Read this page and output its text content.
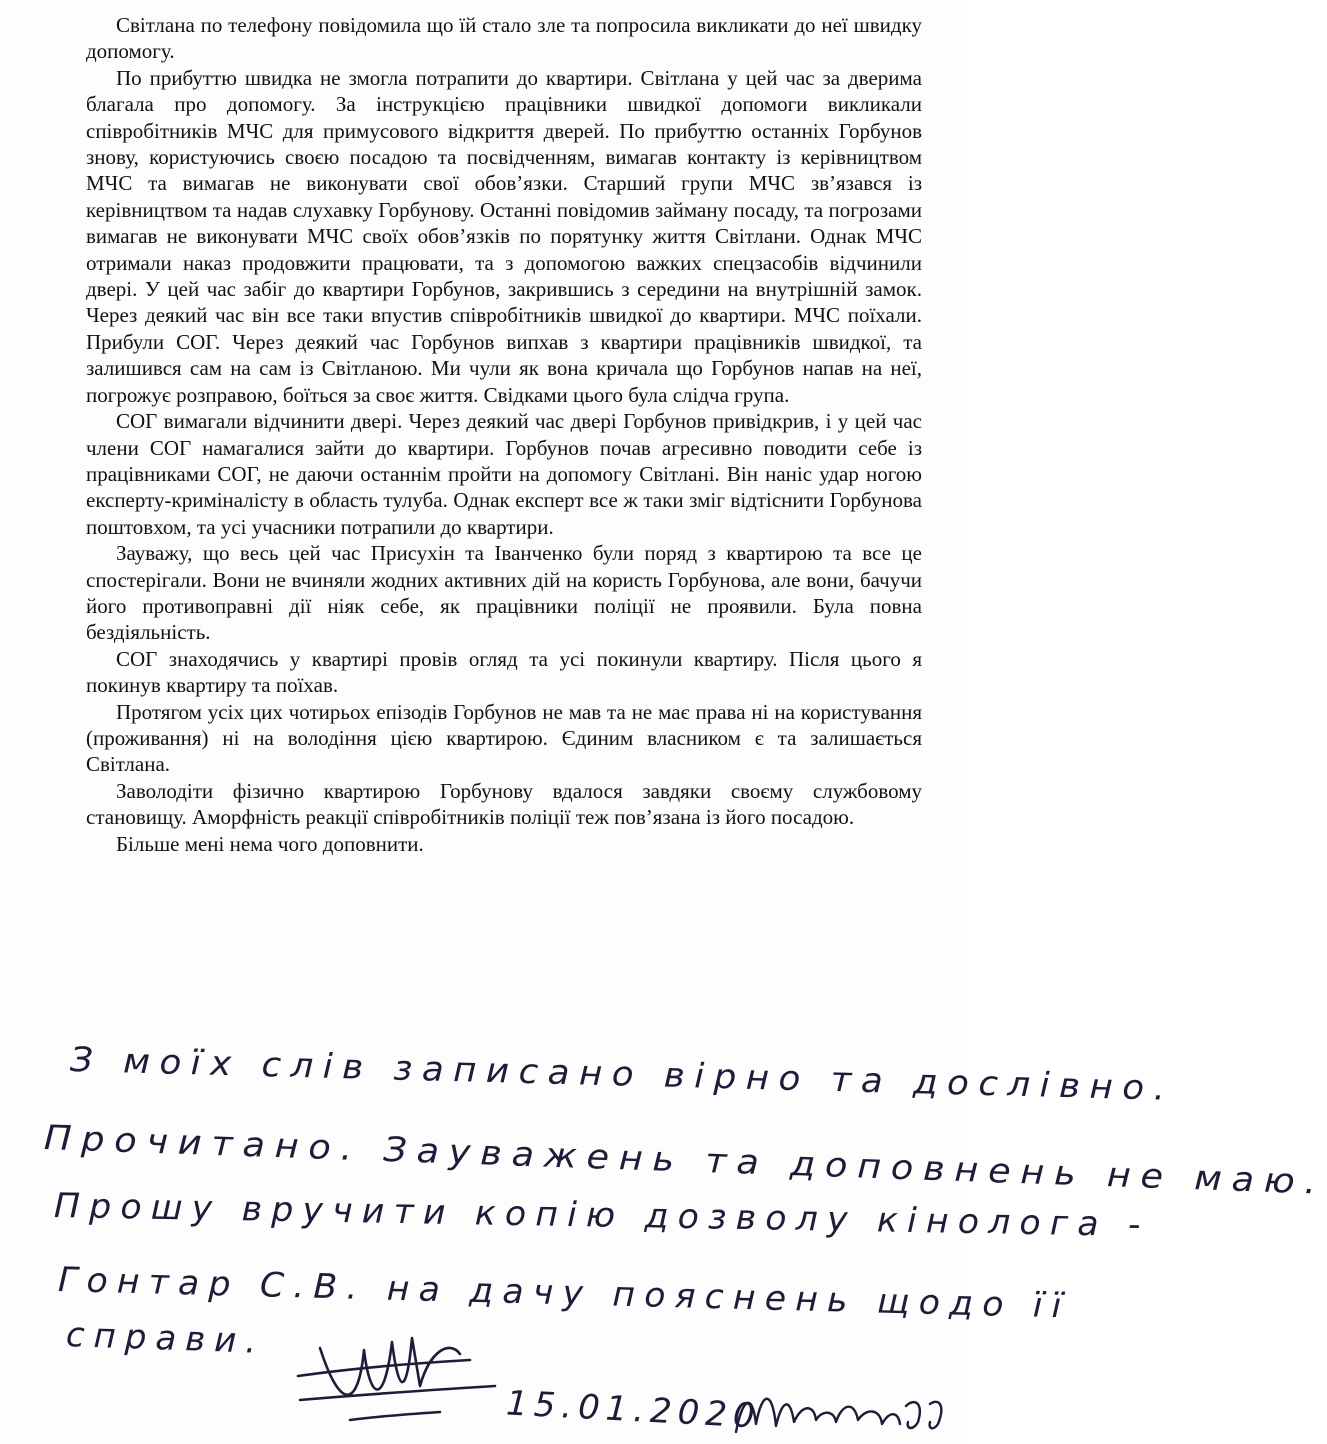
Світлана по телефону повідомила що їй стало зле та попросила викликати до неї швидку допомогу.

По прибуттю швидка не змогла потрапити до квартири. Світлана у цей час за дверима благала про допомогу. За інструкцією працівники швидкої допомоги викликали співробітників МЧС для примусового відкриття дверей. По прибуттю останніх Горбунов знову, користуючись своєю посадою та посвідченням, вимагав контакту із керівництвом МЧС та вимагав не виконувати свої обов’язки. Старший групи МЧС зв’язався із керівництвом та надав слухавку Горбунову. Останні повідомив займану посаду, та погрозами вимагав не виконувати МЧС своїх обов’язків по порятунку життя Світлани. Однак МЧС отримали наказ продовжити працювати, та з допомогою важких спецзасобів відчинили двері. У цей час забіг до квартири Горбунов, закрившись з середини на внутрішній замок. Через деякий час він все таки впустив співробітників швидкої до квартири. МЧС поїхали. Прибули СОГ. Через деякий час Горбунов випхав з квартири працівників швидкої, та залишився сам на сам із Світланою. Ми чули як вона кричала що Горбунов напав на неї, погрожує розправою, боїться за своє життя. Свідками цього була слідча група.

СОГ вимагали відчинити двері. Через деякий час двері Горбунов привідкрив, і у цей час члени СОГ намагалися зайти до квартири. Горбунов почав агресивно поводити себе із працівниками СОГ, не даючи останнім пройти на допомогу Світлані. Він наніс удар ногою експерту-криміналісту в область тулуба. Однак експерт все ж таки зміг відтіснити Горбунова поштовхом, та усі учасники потрапили до квартири.

Зауважу, що весь цей час Присухін та Іванченко були поряд з квартирою та все це спостерігали. Вони не вчиняли жодних активних дій на користь Горбунова, але вони, бачучи його противоправні дії ніяк себе, як працівники поліції не проявили. Була повна бездіяльність.

СОГ знаходячись у квартирі провів огляд та усі покинули квартиру. Після цього я покинув квартиру та поїхав.

Протягом усіх цих чотирьох епізодів Горбунов не мав та не має права ні на користування (проживання) ні на володіння цією квартирою. Єдиним власником є та залишається Світлана.

Заволодіти фізично квартирою Горбунову вдалося завдяки своєму службовому становищу. Аморфність реакції співробітників поліції теж пов’язана із його посадою.

Більше мені нема чого доповнити.

З моїх слів записано вірно та дослівно.
Прочитано. Зауважень та доповнень не маю.
Прошу вручити копію дозволу кінолога -
Гонтар С.В. на дачу пояснень щодо її
справи.
15.01.2020
